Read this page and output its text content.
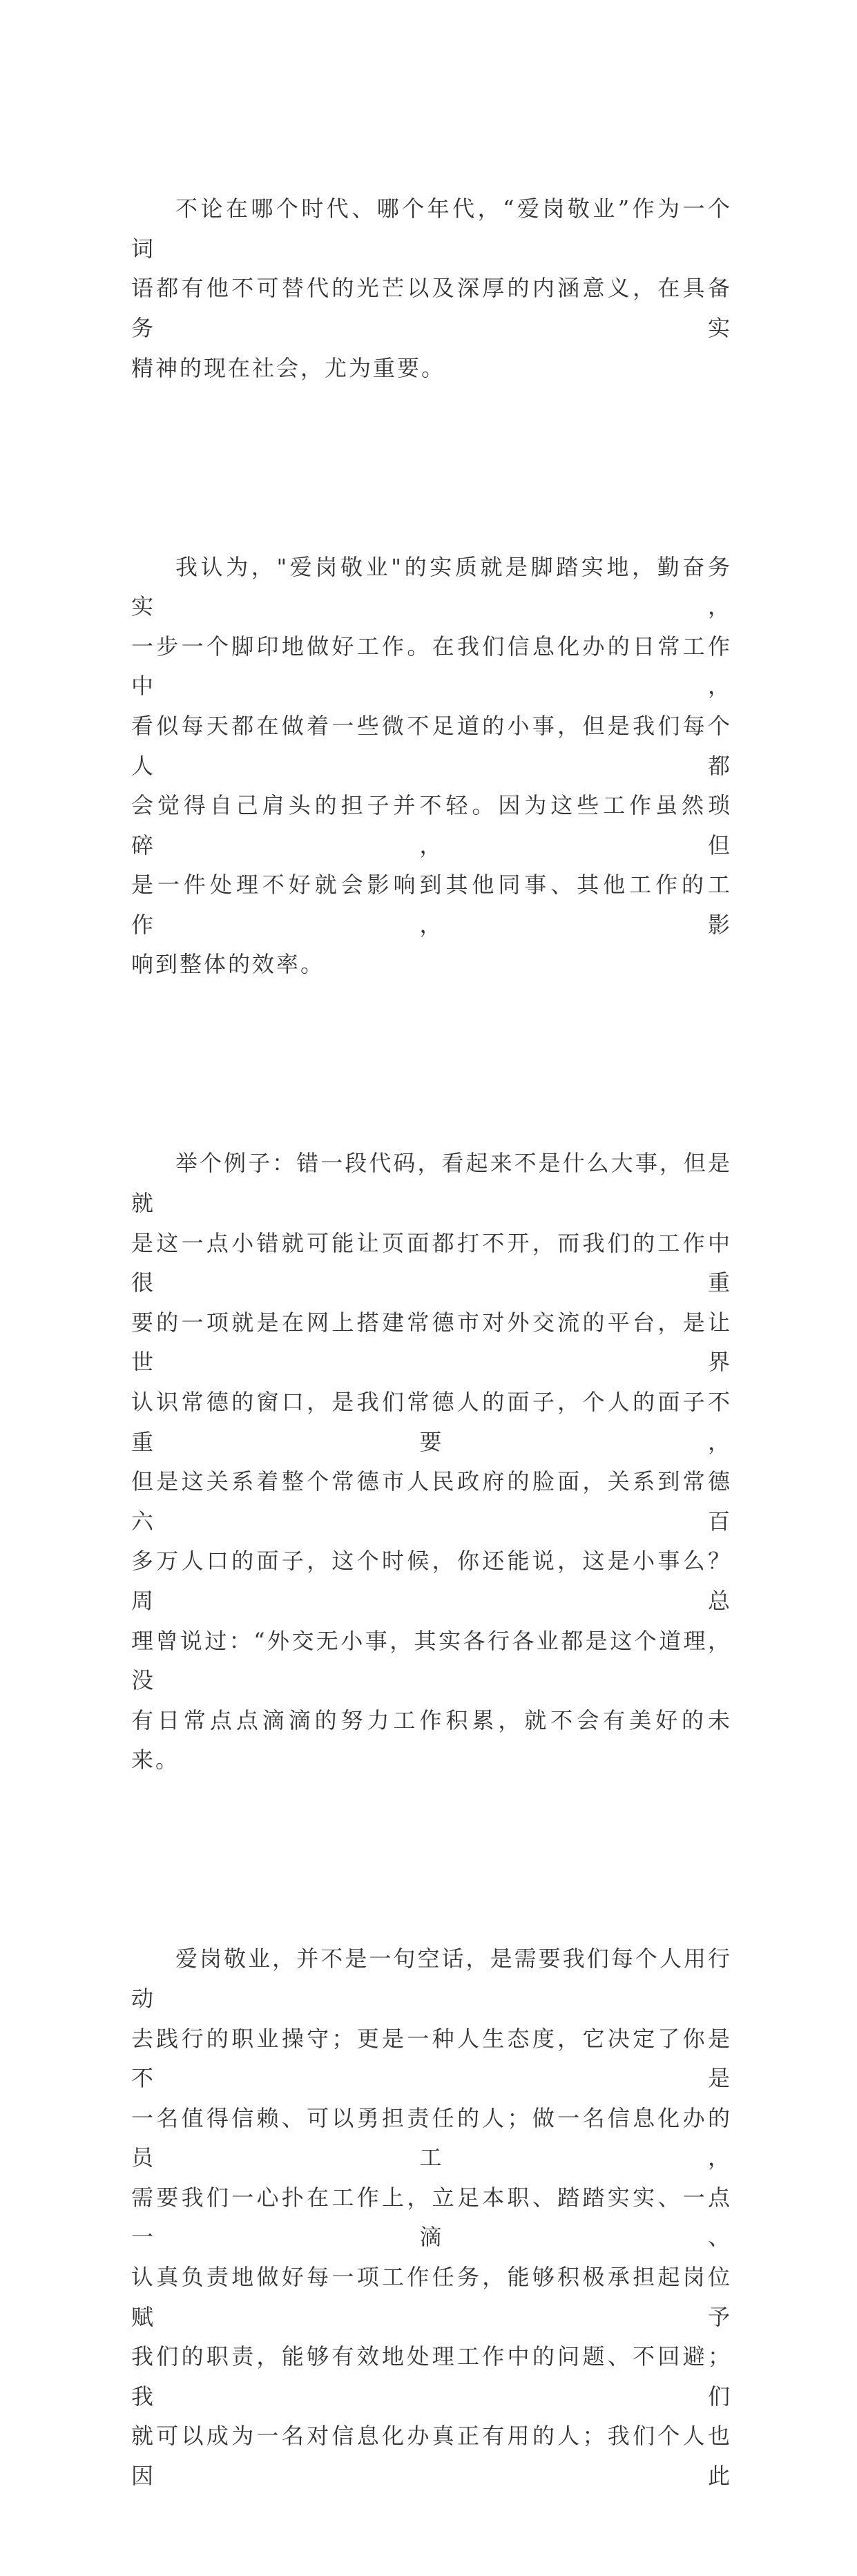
不论在哪个时代、哪个年代，“爱岗敬业”作为一个词
语都有他不可替代的光芒以及深厚的内涵意义，在具备务实
精神的现在社会，尤为重要。

我认为，"爱岗敬业"的实质就是脚踏实地，勤奋务实，
一步一个脚印地做好工作。在我们信息化办的日常工作中，
看似每天都在做着一些微不足道的小事，但是我们每个人都
会觉得自己肩头的担子并不轻。因为这些工作虽然琐碎，但
是一件处理不好就会影响到其他同事、其他工作的工作，影
响到整体的效率。

举个例子：错一段代码，看起来不是什么大事，但是就
是这一点小错就可能让页面都打不开，而我们的工作中很重
要的一项就是在网上搭建常德市对外交流的平台，是让世界
认识常德的窗口，是我们常德人的面子，个人的面子不重要，
但是这关系着整个常德市人民政府的脸面，关系到常德六百
多万人口的面子，这个时候，你还能说，这是小事么？周总
理曾说过：“外交无小事，其实各行各业都是这个道理，没
有日常点点滴滴的努力工作积累，就不会有美好的未来。

爱岗敬业，并不是一句空话，是需要我们每个人用行动
去践行的职业操守；更是一种人生态度，它决定了你是不是
一名值得信赖、可以勇担责任的人；做一名信息化办的员工，
需要我们一心扑在工作上，立足本职、踏踏实实、一点一滴、
认真负责地做好每一项工作任务，能够积极承担起岗位赋予
我们的职责，能够有效地处理工作中的问题、不回避；我们
就可以成为一名对信息化办真正有用的人；我们个人也因此
